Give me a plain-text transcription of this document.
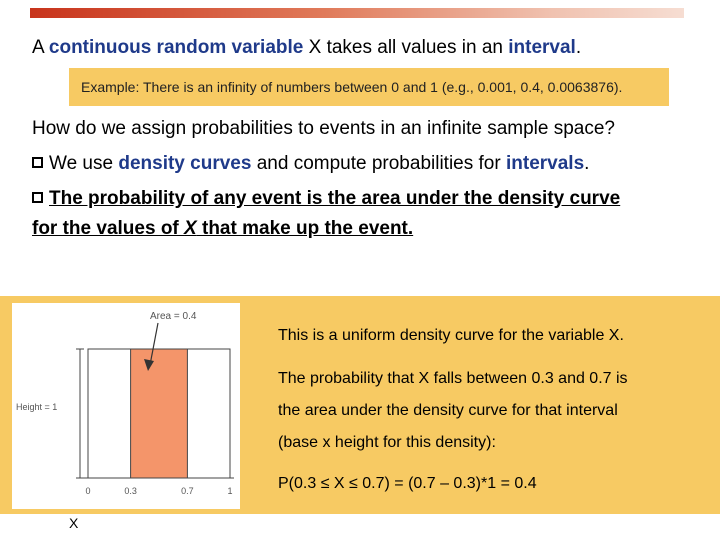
A continuous random variable X takes all values in an interval.
Example: There is an infinity of numbers between 0 and 1 (e.g., 0.001, 0.4, 0.0063876).
How do we assign probabilities to events in an infinite sample space?
We use density curves and compute probabilities for intervals.
The probability of any event is the area under the density curve
for the values of X that make up the event.
Height = 1
0	0.3	0.7	1
Area = 0.4
This is a uniform density curve for the variable X.
The probability that X falls between 0.3 and 0.7 is
the area under the density curve for that interval
(base x height for this density):
P(0.3 ≤ X ≤ 0.7) = (0.7 – 0.3)*1 = 0.4
X
